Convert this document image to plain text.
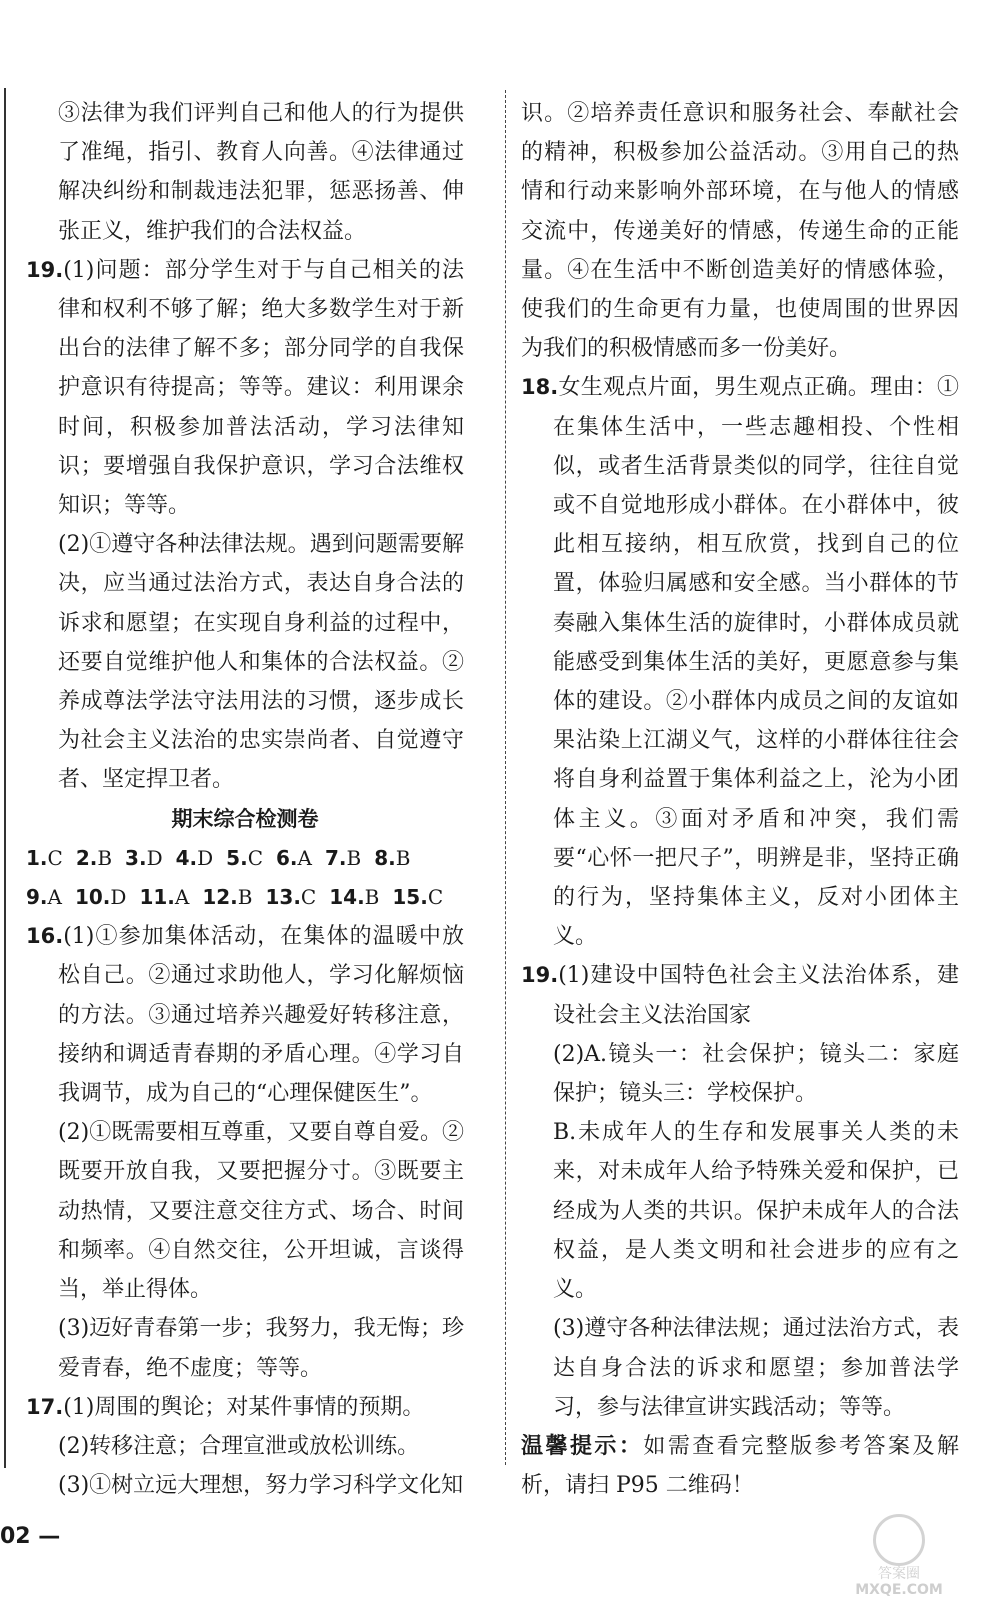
③法律为我们评判自己和他人的行为提供了准绳，指引、教育人向善。④法律通过解决纠纷和制裁违法犯罪，惩恶扬善、伸张正义，维护我们的合法权益。

19.(1)问题：部分学生对于与自己相关的法律和权利不够了解；绝大多数学生对于新出台的法律了解不多；部分同学的自我保护意识有待提高；等等。建议：利用课余时间，积极参加普法活动，学习法律知识；要增强自我保护意识，学习合法维权知识；等等。

(2)①遵守各种法律法规。遇到问题需要解决，应当通过法治方式，表达自身合法的诉求和愿望；在实现自身利益的过程中，还要自觉维护他人和集体的合法权益。②养成尊法学法守法用法的习惯，逐步成长为社会主义法治的忠实崇尚者、自觉遵守者、坚定捍卫者。

期末综合检测卷

1.C 2.B 3.D 4.D 5.C 6.A 7.B 8.B

9.A 10.D 11.A 12.B 13.C 14.B 15.C

16.(1)①参加集体活动，在集体的温暖中放松自己。②通过求助他人，学习化解烦恼的方法。③通过培养兴趣爱好转移注意，接纳和调适青春期的矛盾心理。④学习自我调节，成为自己的“心理保健医生”。

(2)①既需要相互尊重，又要自尊自爱。②既要开放自我，又要把握分寸。③既要主动热情，又要注意交往方式、场合、时间和频率。④自然交往，公开坦诚，言谈得当，举止得体。

(3)迈好青春第一步；我努力，我无悔；珍爱青春，绝不虚度；等等。

17.(1)周围的舆论；对某件事情的预期。

(2)转移注意；合理宣泄或放松训练。

(3)①树立远大理想，努力学习科学文化知

识。②培养责任意识和服务社会、奉献社会的精神，积极参加公益活动。③用自己的热情和行动来影响外部环境，在与他人的情感交流中，传递美好的情感，传递生命的正能量。④在生活中不断创造美好的情感体验，使我们的生命更有力量，也使周围的世界因为我们的积极情感而多一份美好。

18.女生观点片面，男生观点正确。理由：①在集体生活中，一些志趣相投、个性相似，或者生活背景类似的同学，往往自觉或不自觉地形成小群体。在小群体中，彼此相互接纳，相互欣赏，找到自己的位置，体验归属感和安全感。当小群体的节奏融入集体生活的旋律时，小群体成员就能感受到集体生活的美好，更愿意参与集体的建设。②小群体内成员之间的友谊如果沾染上江湖义气，这样的小群体往往会将自身利益置于集体利益之上，沦为小团体主义。③面对矛盾和冲突，我们需要“心怀一把尺子”，明辨是非，坚持正确的行为，坚持集体主义，反对小团体主义。

19.(1)建设中国特色社会主义法治体系，建设社会主义法治国家

(2)A.镜头一：社会保护；镜头二：家庭保护；镜头三：学校保护。

B.未成年人的生存和发展事关人类的未来，对未成年人给予特殊关爱和保护，已经成为人类的共识。保护未成年人的合法权益，是人类文明和社会进步的应有之义。

(3)遵守各种法律法规；通过法治方式，表达自身合法的诉求和愿望；参加普法学习，参与法律宣讲实践活动；等等。

温馨提示：如需查看完整版参考答案及解析，请扫 P95 二维码！

02 —
答案圈
MXQE.COM
